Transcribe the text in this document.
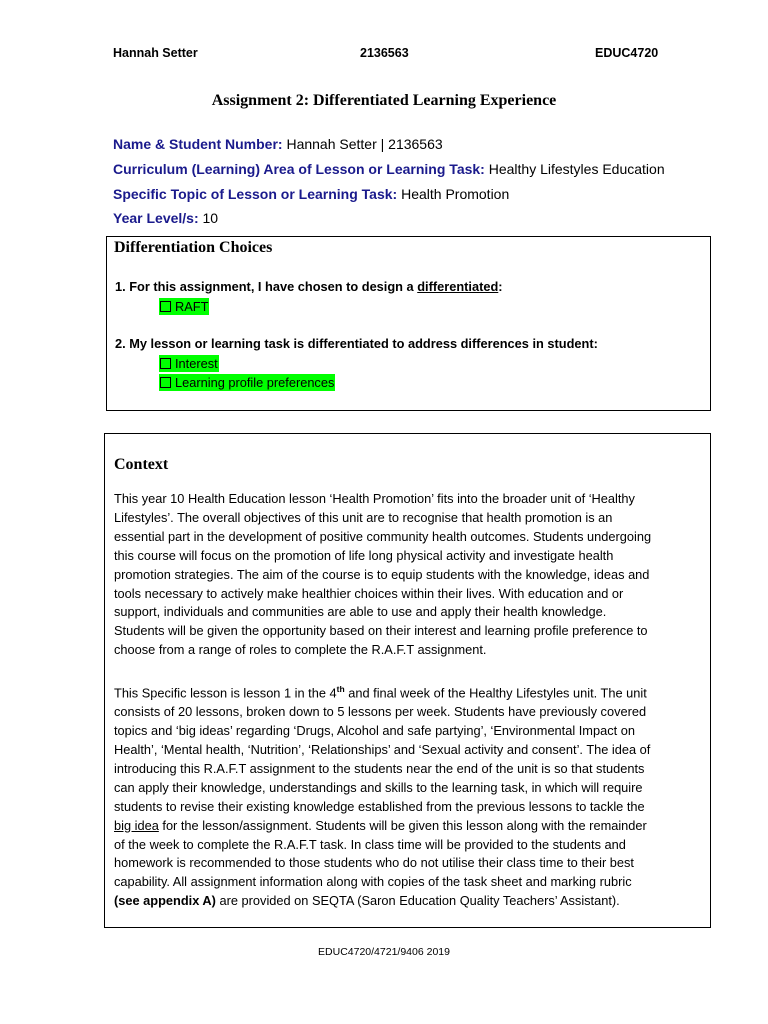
Hannah Setter	2136563	EDUC4720
Assignment 2: Differentiated Learning Experience
Name & Student Number: Hannah Setter | 2136563
Curriculum (Learning) Area of Lesson or Learning Task: Healthy Lifestyles Education
Specific Topic of Lesson or Learning Task: Health Promotion
Year Level/s: 10
Differentiation Choices
1. For this assignment, I have chosen to design a differentiated:
RAFT
2. My lesson or learning task is differentiated to address differences in student:
Interest
Learning profile preferences
Context
This year 10 Health Education lesson ‘Health Promotion’ fits into the broader unit of ‘Healthy
Lifestyles’. The overall objectives of this unit are to recognise that health promotion is an
essential part in the development of positive community health outcomes. Students undergoing
this course will focus on the promotion of life long physical activity and investigate health
promotion strategies. The aim of the course is to equip students with the knowledge, ideas and
tools necessary to actively make healthier choices within their lives. With education and or
support, individuals and communities are able to use and apply their health knowledge.
Students will be given the opportunity based on their interest and learning profile preference to
choose from a range of roles to complete the R.A.F.T assignment.
This Specific lesson is lesson 1 in the 4th and final week of the Healthy Lifestyles unit. The unit
consists of 20 lessons, broken down to 5 lessons per week. Students have previously covered
topics and ‘big ideas’ regarding ‘Drugs, Alcohol and safe partying’, ‘Environmental Impact on
Health’, ‘Mental health, ‘Nutrition’, ‘Relationships’ and ‘Sexual activity and consent’. The idea of
introducing this R.A.F.T assignment to the students near the end of the unit is so that students
can apply their knowledge, understandings and skills to the learning task, in which will require
students to revise their existing knowledge established from the previous lessons to tackle the
big idea for the lesson/assignment. Students will be given this lesson along with the remainder
of the week to complete the R.A.F.T task. In class time will be provided to the students and
homework is recommended to those students who do not utilise their class time to their best
capability. All assignment information along with copies of the task sheet and marking rubric
(see appendix A) are provided on SEQTA (Saron Education Quality Teachers’ Assistant).
EDUC4720/4721/9406 2019
